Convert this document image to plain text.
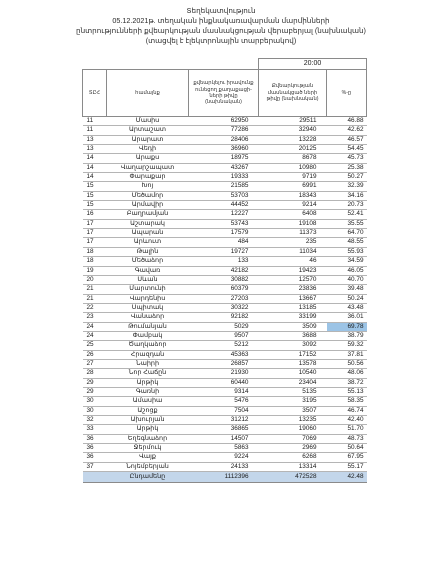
Տեղեկատվություն
05.12.2021թ. տեղական ինքնակառավարման մարմինների
ընտրությունների քվեարկության մասնակցության վերաբերյալ (նախնական)
(տացվել է էլեկտրոնային տարբերակով)
			20:00	
ՏԸՀ	համայնք	քվեարկելու իրավունք ունեցող քաղաքացի-ների թիվը (նախնական)	Քվեարկության մասնակցած ների թիվը (նախնական)	%-ը
11	Մասիս	62950	29511	46.88
11	Արտաշատ	77286	32940	42.62
13	Արարատ	28406	13228	46.57
13	Վեդի	36960	20125	54.45
14	Արաքս	18975	8678	45.73
14	Վաղարշապատ	43267	10980	25.38
14	Փարաքար	19333	9719	50.27
15	Խոյ	21585	6991	32.39
15	Մեծամոր	53703	18343	34.16
15	Արմավիր	44452	9214	20.73
16	Բաղրամյան	12227	6408	52.41
17	Աշտարակ	53743	19108	35.55
17	Ապարան	17579	11373	64.70
17	Արևուտ	484	235	48.55
18	Թալին	19727	11034	55.93
18	Մեծաձոր	133	46	34.59
19	Գավառ	42182	19423	46.05
20	Սևան	30882	12570	40.70
21	Մարտունի	60379	23836	39.48
21	Վարդենիս	27203	13667	50.24
22	Սպիտակ	30322	13185	43.48
23	Վանաձոր	92182	33199	36.01
24	Թումանյան	5029	3509	69.78
24	Փամբակ	9507	3688	38.79
25	Ծաղկաձոր	5212	3092	59.32
26	Հրազդան	45363	17152	37.81
27	Նաիրի	26857	13578	50.56
28	Նոր Հաճըն	21930	10540	48.06
29	Արթիկ	60440	23404	38.72
29	Գառնի	9314	5135	55.13
30	Ամասիա	5476	3195	58.35
30	Աշոցք	7504	3507	46.74
32	Ախուրյան	31212	13235	42.40
33	Արթիկ	36865	19060	51.70
36	Եղեգնաձոր	14507	7069	48.73
36	Ջերմուկ	5863	2969	50.64
36	Վայք	9224	6268	67.95
37	Նոյեմբերյան	24133	13314	55.17
	Ընդամենը	1112396	472528	42.48
